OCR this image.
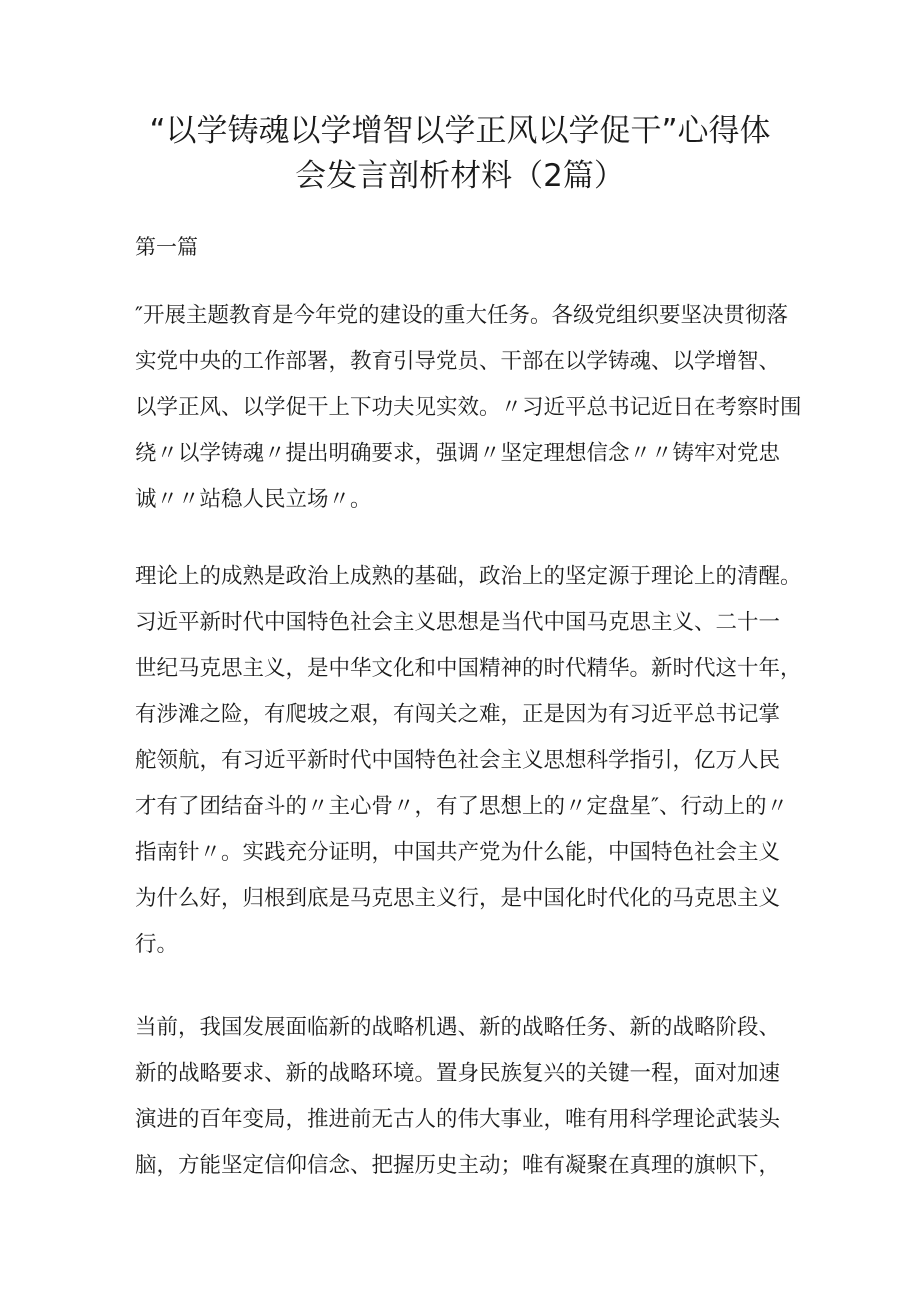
“以学铸魂以学增智以学正风以学促干”心得体
会发言剖析材料（2篇）
第一篇
″开展主题教育是今年党的建设的重大任务。各级党组织要坚决贯彻落
实党中央的工作部署，教育引导党员、干部在以学铸魂、以学增智、
以学正风、以学促干上下功夫见实效。〃习近平总书记近日在考察时围
绕〃以学铸魂〃提出明确要求，强调〃坚定理想信念〃〃铸牢对党忠
诚〃〃站稳人民立场〃。
理论上的成熟是政治上成熟的基础，政治上的坚定源于理论上的清醒。
习近平新时代中国特色社会主义思想是当代中国马克思主义、二十一
世纪马克思主义，是中华文化和中国精神的时代精华。新时代这十年，
有涉滩之险，有爬坡之艰，有闯关之难，正是因为有习近平总书记掌
舵领航，有习近平新时代中国特色社会主义思想科学指引，亿万人民
才有了团结奋斗的〃主心骨〃，有了思想上的〃定盘星″、行动上的〃
指南针〃。实践充分证明，中国共产党为什么能，中国特色社会主义
为什么好，归根到底是马克思主义行，是中国化时代化的马克思主义
行。
当前，我国发展面临新的战略机遇、新的战略任务、新的战略阶段、
新的战略要求、新的战略环境。置身民族复兴的关键一程，面对加速
演进的百年变局，推进前无古人的伟大事业，唯有用科学理论武装头
脑，方能坚定信仰信念、把握历史主动；唯有凝聚在真理的旗帜下，
